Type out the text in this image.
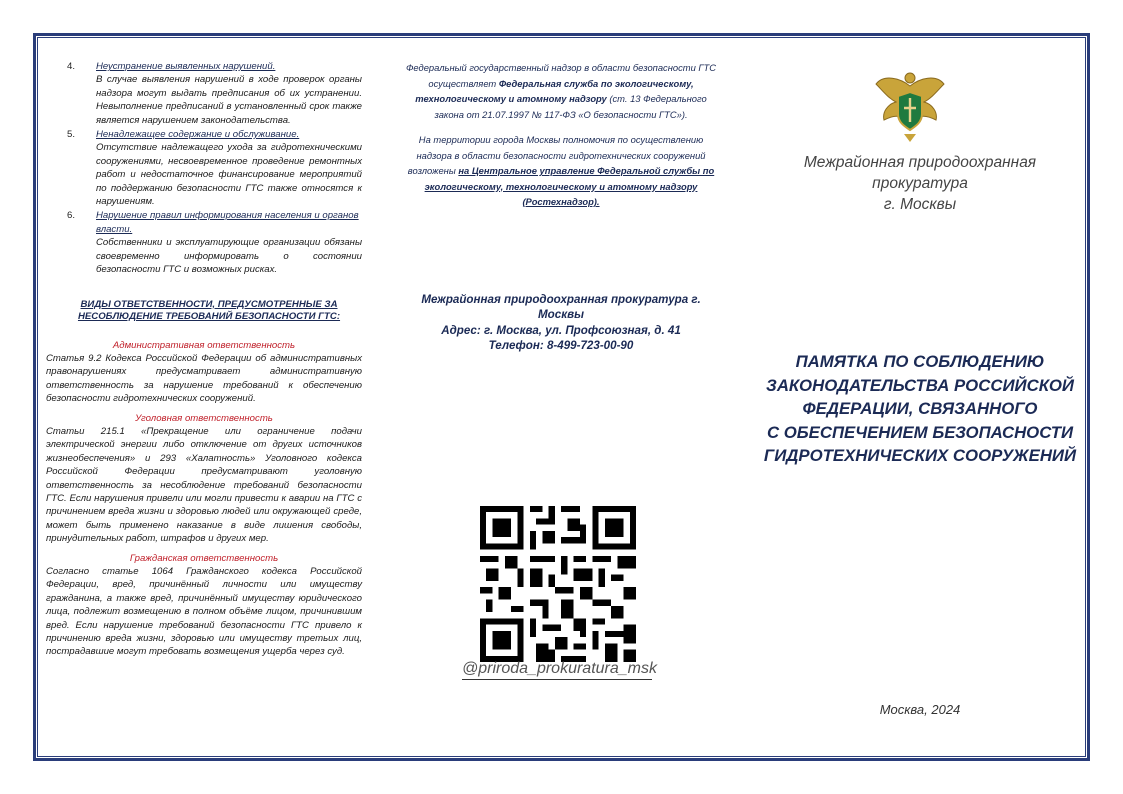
4.	Неустранение выявленных нарушений.
В случае выявления нарушений в ходе проверок органы надзора могут выдать предписания об их устранении. Невыполнение предписаний в установленный срок также является нарушением законодательства.
5.	Ненадлежащее содержание и обслуживание.
Отсутствие надлежащего ухода за гидротехническими сооружениями, несвоевременное проведение ремонтных работ и недостаточное финансирование мероприятий по поддержанию безопасности ГТС также относятся к нарушениям.
6.	Нарушение правил информирования населения и органов власти.
Собственники и эксплуатирующие организации обязаны своевременно информировать о состоянии безопасности ГТС и возможных рисках.
ВИДЫ ОТВЕТСТВЕННОСТИ, ПРЕДУСМОТРЕННЫЕ ЗА НЕСОБЛЮДЕНИЕ ТРЕБОВАНИЙ БЕЗОПАСНОСТИ ГТС:
Административная ответственность
Статья 9.2 Кодекса Российской Федерации об административных правонарушениях предусматривает административную ответственность за нарушение требований к обеспечению безопасности гидротехнических сооружений.
Уголовная ответственность
Статьи 215.1 «Прекращение или ограничение подачи электрической энергии либо отключение от других источников жизнеобеспечения» и 293 «Халатность» Уголовного кодекса Российской Федерации предусматривают уголовную ответственность за несоблюдение требований безопасности ГТС. Если нарушения привели или могли привести к аварии на ГТС с причинением вреда жизни и здоровью людей или окружающей среде, может быть применено наказание в виде лишения свободы, принудительных работ, штрафов и других мер.
Гражданская ответственность
Согласно статье 1064 Гражданского кодекса Российской Федерации, вред, причинённый личности или имуществу гражданина, а также вред, причинённый имуществу юридического лица, подлежит возмещению в полном объёме лицом, причинившим вред. Если нарушение требований безопасности ГТС привело к причинению вреда жизни, здоровью или имуществу третьих лиц, пострадавшие могут требовать возмещения ущерба через суд.

Федеральный государственный надзор в области безопасности ГТС осуществляет Федеральная служба по экологическому, технологическому и атомному надзору (ст. 13 Федерального закона от 21.07.1997 № 117-ФЗ «О безопасности ГТС»).

На территории города Москвы полномочия по осуществлению надзора в области безопасности гидротехнических сооружений возложены на Центральное управление Федеральной службы по экологическому, технологическому и атомному надзору (Ростехнадзор).

Межрайонная природоохранная прокуратура г. Москвы
Адрес: г. Москва, ул. Профсоюзная, д. 41
Телефон: 8-499-723-00-90
@priroda_prokuratura_msk
Межрайонная природоохранная прокуратура
г. Москвы
ПАМЯТКА ПО СОБЛЮДЕНИЮ
ЗАКОНОДАТЕЛЬСТВА РОССИЙСКОЙ
ФЕДЕРАЦИИ, СВЯЗАННОГО
С ОБЕСПЕЧЕНИЕМ БЕЗОПАСНОСТИ
ГИДРОТЕХНИЧЕСКИХ СООРУЖЕНИЙ
Москва, 2024
